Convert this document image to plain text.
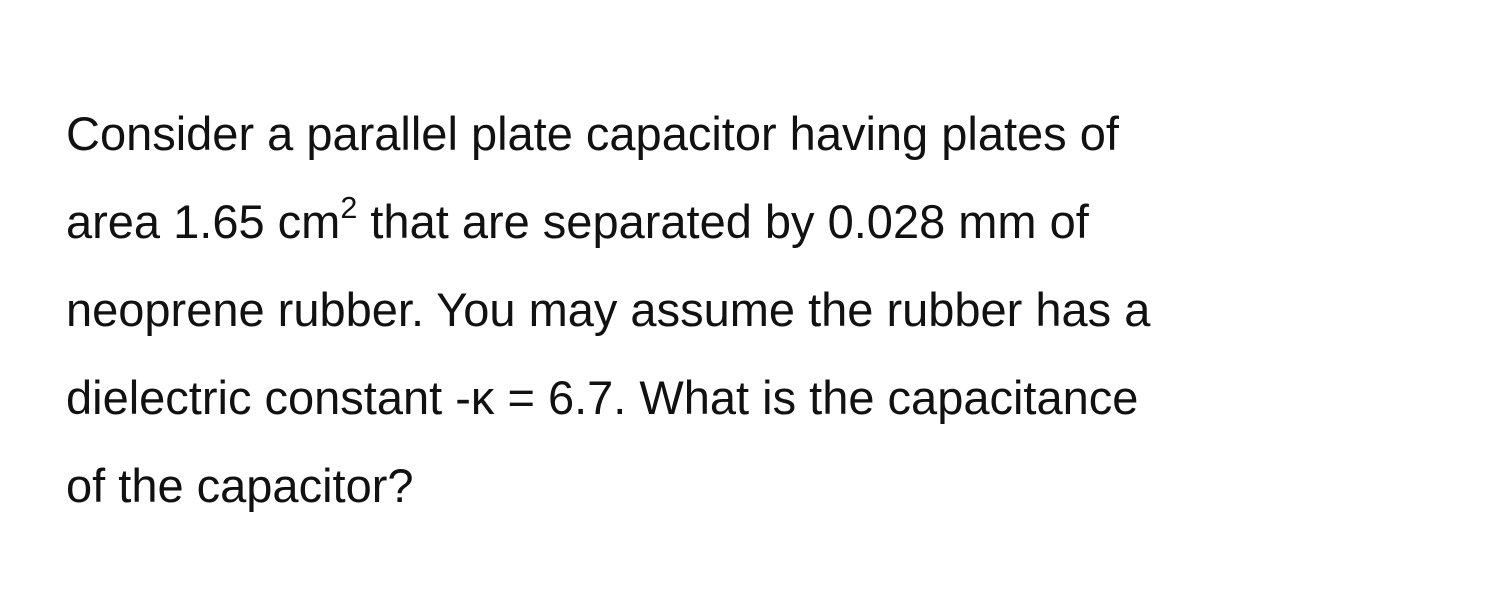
Consider a parallel plate capacitor having plates of
area 1.65 $cm^2$ that are separated by 0.028 mm of
neoprene rubber. You may assume the rubber has a
dielectric constant -κ = 6.7. What is the capacitance
of the capacitor?
